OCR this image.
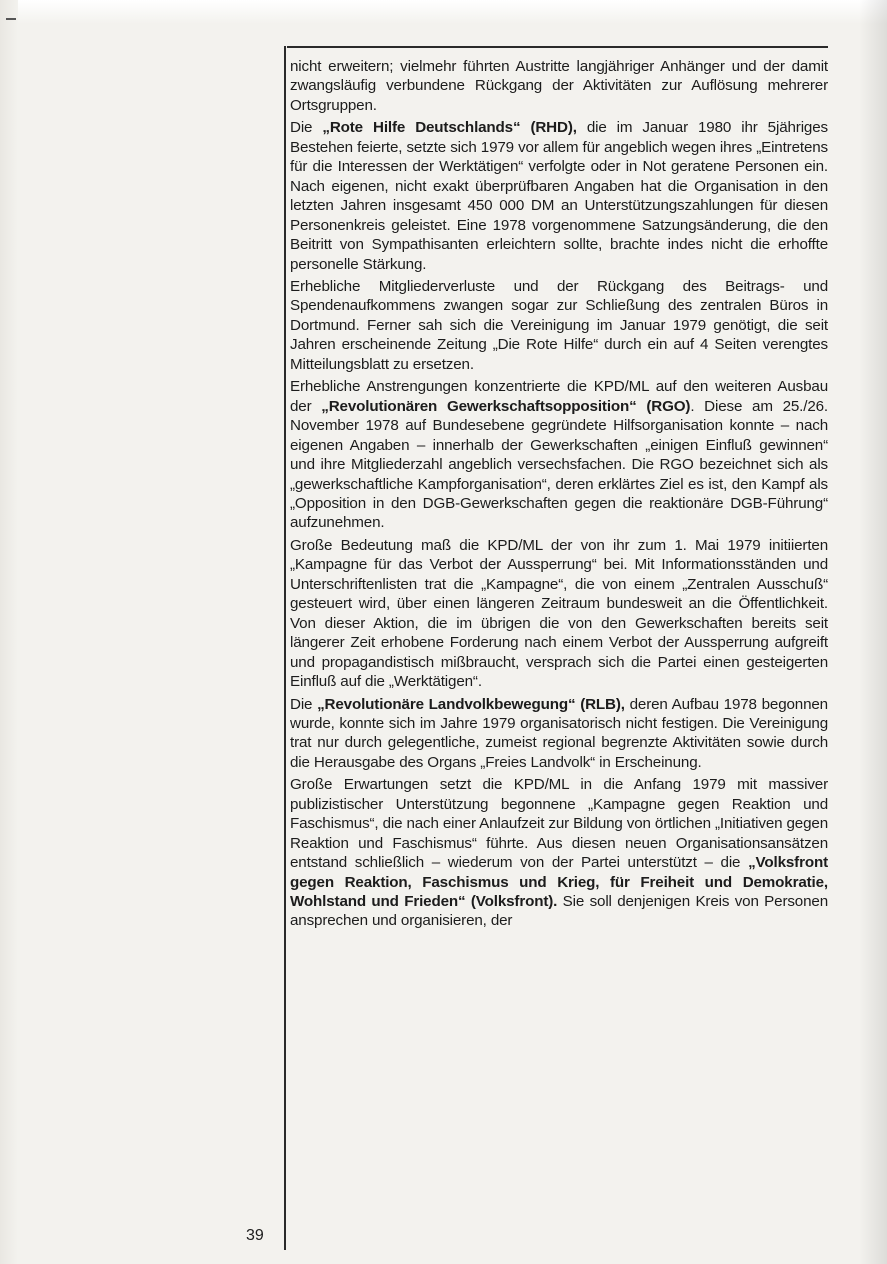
39

nicht erweitern; vielmehr führten Austritte langjähriger Anhänger und der damit zwangsläufig verbundene Rückgang der Aktivitäten zur Auflösung mehrerer Ortsgruppen.

Die „Rote Hilfe Deutschlands“ (RHD), die im Januar 1980 ihr 5jähriges Bestehen feierte, setzte sich 1979 vor allem für angeblich wegen ihres „Eintretens für die Interessen der Werktätigen“ verfolgte oder in Not geratene Personen ein. Nach eigenen, nicht exakt überprüfbaren Angaben hat die Organisation in den letzten Jahren insgesamt 450 000 DM an Unterstützungszahlungen für diesen Personenkreis geleistet. Eine 1978 vorgenommene Satzungsänderung, die den Beitritt von Sympathisanten erleichtern sollte, brachte indes nicht die erhoffte personelle Stärkung.

Erhebliche Mitgliederverluste und der Rückgang des Beitrags- und Spendenaufkommens zwangen sogar zur Schließung des zentralen Büros in Dortmund. Ferner sah sich die Vereinigung im Januar 1979 genötigt, die seit Jahren erscheinende Zeitung „Die Rote Hilfe“ durch ein auf 4 Seiten verengtes Mitteilungsblatt zu ersetzen.

Erhebliche Anstrengungen konzentrierte die KPD/ML auf den weiteren Ausbau der „Revolutionären Gewerkschaftsopposition“ (RGO). Diese am 25./26. November 1978 auf Bundesebene gegründete Hilfsorganisation konnte – nach eigenen Angaben – innerhalb der Gewerkschaften „einigen Einfluß gewinnen“ und ihre Mitgliederzahl angeblich versechsfachen. Die RGO bezeichnet sich als „gewerkschaftliche Kampforganisation“, deren erklärtes Ziel es ist, den Kampf als „Opposition in den DGB-Gewerkschaften gegen die reaktionäre DGB-Führung“ aufzunehmen.

Große Bedeutung maß die KPD/ML der von ihr zum 1. Mai 1979 initiierten „Kampagne für das Verbot der Aussperrung“ bei. Mit Informationsständen und Unterschriftenlisten trat die „Kampagne“, die von einem „Zentralen Ausschuß“ gesteuert wird, über einen längeren Zeitraum bundesweit an die Öffentlichkeit. Von dieser Aktion, die im übrigen die von den Gewerkschaften bereits seit längerer Zeit erhobene Forderung nach einem Verbot der Aussperrung aufgreift und propagandistisch mißbraucht, versprach sich die Partei einen gesteigerten Einfluß auf die „Werktätigen“.

Die „Revolutionäre Landvolkbewegung“ (RLB), deren Aufbau 1978 begonnen wurde, konnte sich im Jahre 1979 organisatorisch nicht festigen. Die Vereinigung trat nur durch gelegentliche, zumeist regional begrenzte Aktivitäten sowie durch die Herausgabe des Organs „Freies Landvolk“ in Erscheinung.

Große Erwartungen setzt die KPD/ML in die Anfang 1979 mit massiver publizistischer Unterstützung begonnene „Kampagne gegen Reaktion und Faschismus“, die nach einer Anlaufzeit zur Bildung von örtlichen „Initiativen gegen Reaktion und Faschismus“ führte. Aus diesen neuen Organisationsansätzen entstand schließlich – wiederum von der Partei unterstützt – die „Volksfront gegen Reaktion, Faschismus und Krieg, für Freiheit und Demokratie, Wohlstand und Frieden“ (Volksfront). Sie soll denjenigen Kreis von Personen ansprechen und organisieren, der
